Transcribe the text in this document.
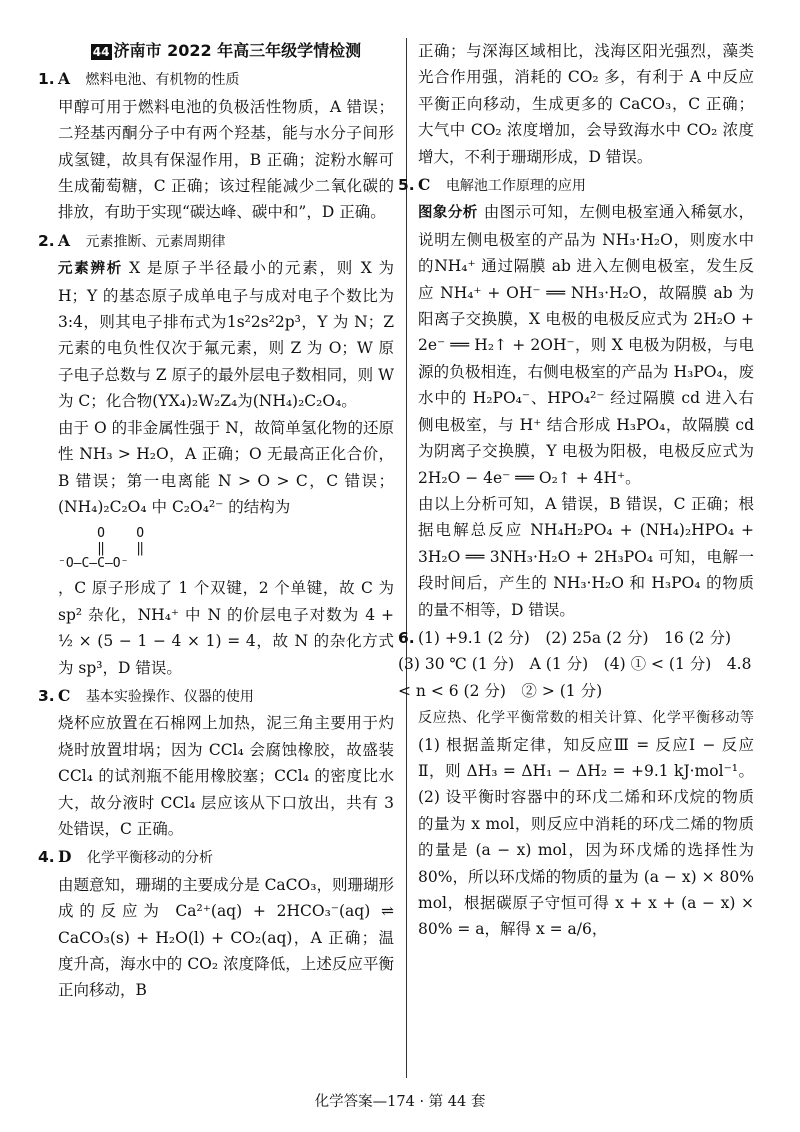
44 济南市 2022 年高三年级学情检测
1. A　 燃料电池、有机物的性质

甲醇可用于燃料电池的负极活性物质，A 错误；二羟基丙酮分子中有两个羟基，能与水分子间形成氢键，故具有保湿作用，B 正确；淀粉水解可生成葡萄糖，C 正确；该过程能减少二氧化碳的排放，有助于实现“碳达峰、碳中和”，D 正确。

2. A　 元素推断、元素周期律

元素辨析 X 是原子半径最小的元素，则 X 为 H；Y 的基态原子成单电子与成对电子个数比为 3:4，则其电子排布式为1s²2s²2p³，Y 为 N；Z 元素的电负性仅次于氟元素，则 Z 为 O；W 原子电子总数与 Z 原子的最外层电子数相同，则 W 为 C；化合物(YX₄)₂W₂Z₄为(NH₄)₂C₂O₄。

由于 O 的非金属性强于 N，故简单氢化物的还原性 NH₃ > H₂O，A 正确；O 无最高正化合价，B 错误；第一电离能 N > O > C，C 错误；(NH₄)₂C₂O₄ 中 C₂O₄²⁻ 的结构为

O    O
‖    ‖
⁻O—C—C—O⁻

，C 原子形成了 1 个双键，2 个单键，故 C 为 sp² 杂化，NH₄⁺ 中 N 的价层电子对数为 4 + ½ × (5 − 1 − 4 × 1) = 4，故 N 的杂化方式为 sp³，D 错误。

3. C　 基本实验操作、仪器的使用

烧杯应放置在石棉网上加热，泥三角主要用于灼烧时放置坩埚；因为 CCl₄ 会腐蚀橡胶，故盛装 CCl₄ 的试剂瓶不能用橡胶塞；CCl₄ 的密度比水大，故分液时 CCl₄ 层应该从下口放出，共有 3 处错误，C 正确。

4. D　 化学平衡移动的分析

由题意知，珊瑚的主要成分是 CaCO₃，则珊瑚形成的反应为 Ca²⁺(aq) + 2HCO₃⁻(aq) ⇌ CaCO₃(s) + H₂O(l) + CO₂(aq)，A 正确；温度升高，海水中的 CO₂ 浓度降低，上述反应平衡正向移动，B

正确；与深海区域相比，浅海区阳光强烈，藻类光合作用强，消耗的 CO₂ 多，有利于 A 中反应平衡正向移动，生成更多的 CaCO₃，C 正确；大气中 CO₂ 浓度增加，会导致海水中 CO₂ 浓度增大，不利于珊瑚形成，D 错误。

5. C　 电解池工作原理的应用

图象分析 由图示可知，左侧电极室通入稀氨水，说明左侧电极室的产品为 NH₃·H₂O，则废水中的NH₄⁺ 通过隔膜 ab 进入左侧电极室，发生反应 NH₄⁺ + OH⁻ ══ NH₃·H₂O，故隔膜 ab 为阳离子交换膜，X 电极的电极反应式为 2H₂O + 2e⁻ ══ H₂↑ + 2OH⁻，则 X 电极为阴极，与电源的负极相连，右侧电极室的产品为 H₃PO₄，废水中的 H₂PO₄⁻、HPO₄²⁻ 经过隔膜 cd 进入右侧电极室，与 H⁺ 结合形成 H₃PO₄，故隔膜 cd 为阴离子交换膜，Y 电极为阳极，电极反应式为 2H₂O − 4e⁻ ══ O₂↑ + 4H⁺。

由以上分析可知，A 错误，B 错误，C 正确；根据电解总反应 NH₄H₂PO₄ + (NH₄)₂HPO₄ + 3H₂O ══ 3NH₃·H₂O + 2H₃PO₄ 可知，电解一段时间后，产生的 NH₃·H₂O 和 H₃PO₄ 的物质的量不相等，D 错误。

6. (1) +9.1 (2 分)　(2) 25a (2 分)　16 (2 分)　(3) 30 ℃ (1 分)　A (1 分)　(4) ① < (1 分)　4.8 < n < 6 (2 分)　② > (1 分)

反应热、化学平衡常数的相关计算、化学平衡移动等　(1) 根据盖斯定律，知反应Ⅲ = 反应Ⅰ − 反应Ⅱ，则 ΔH₃ = ΔH₁ − ΔH₂ = +9.1 kJ·mol⁻¹。(2) 设平衡时容器中的环戊二烯和环戊烷的物质的量为 x mol，则反应中消耗的环戊二烯的物质的量是 (a − x) mol，因为环戊烯的选择性为 80%，所以环戊烯的物质的量为 (a − x) × 80% mol，根据碳原子守恒可得 x + x + (a − x) × 80% = a，解得 x = a/6，

化学答案—174 · 第 44 套
